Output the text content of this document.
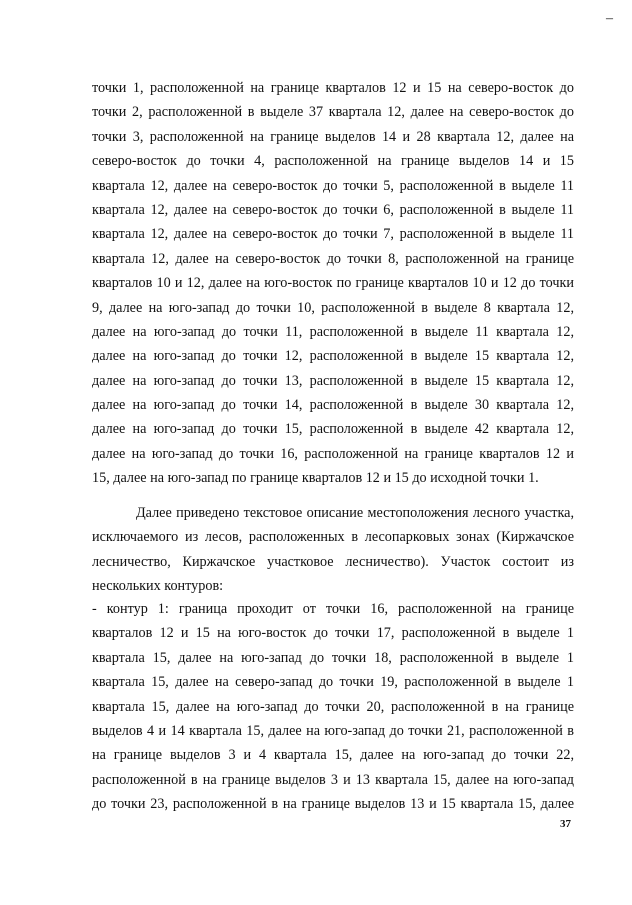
–
точки 1, расположенной на границе кварталов 12 и 15 на северо-восток до
точки 2, расположенной в выделе 37 квартала 12, далее на северо-восток до
точки 3, расположенной на границе выделов 14 и 28 квартала 12, далее на
северо-восток до точки 4, расположенной на границе выделов 14 и 15
квартала 12, далее на северо-восток до точки 5, расположенной в выделе 11
квартала 12, далее на северо-восток до точки 6, расположенной в выделе 11
квартала 12, далее на северо-восток до точки 7, расположенной в выделе 11
квартала 12, далее на северо-восток до точки 8, расположенной на границе
кварталов 10 и 12, далее на юго-восток по границе кварталов 10 и 12 до точки
9, далее на юго-запад до точки 10, расположенной в выделе 8 квартала 12,
далее на юго-запад до точки 11, расположенной в выделе 11 квартала 12,
далее на юго-запад до точки 12, расположенной в выделе 15 квартала 12,
далее на юго-запад до точки 13, расположенной в выделе 15 квартала 12,
далее на юго-запад до точки 14, расположенной в выделе 30 квартала 12,
далее на юго-запад до точки 15, расположенной в выделе 42 квартала 12,
далее на юго-запад до точки 16, расположенной на границе кварталов 12 и
15, далее на юго-запад по границе кварталов 12 и 15 до исходной точки 1.
Далее приведено текстовое описание местоположения лесного участка,
исключаемого из лесов, расположенных в лесопарковых зонах (Киржачское
лесничество, Киржачское участковое лесничество). Участок состоит из
нескольких контуров:
- контур 1: граница проходит от точки 16, расположенной на границе
кварталов 12 и 15 на юго-восток до точки 17, расположенной в выделе 1
квартала 15, далее на юго-запад до точки 18, расположенной в выделе 1
квартала 15, далее на северо-запад до точки 19, расположенной в выделе 1
квартала 15, далее на юго-запад до точки 20, расположенной в на границе
выделов 4 и 14 квартала 15, далее на юго-запад до точки 21, расположенной в
на границе выделов 3 и 4 квартала 15, далее на юго-запад до точки 22,
расположенной в на границе выделов 3 и 13 квартала 15, далее на юго-запад
до точки 23, расположенной в на границе выделов 13 и 15 квартала 15, далее
37
